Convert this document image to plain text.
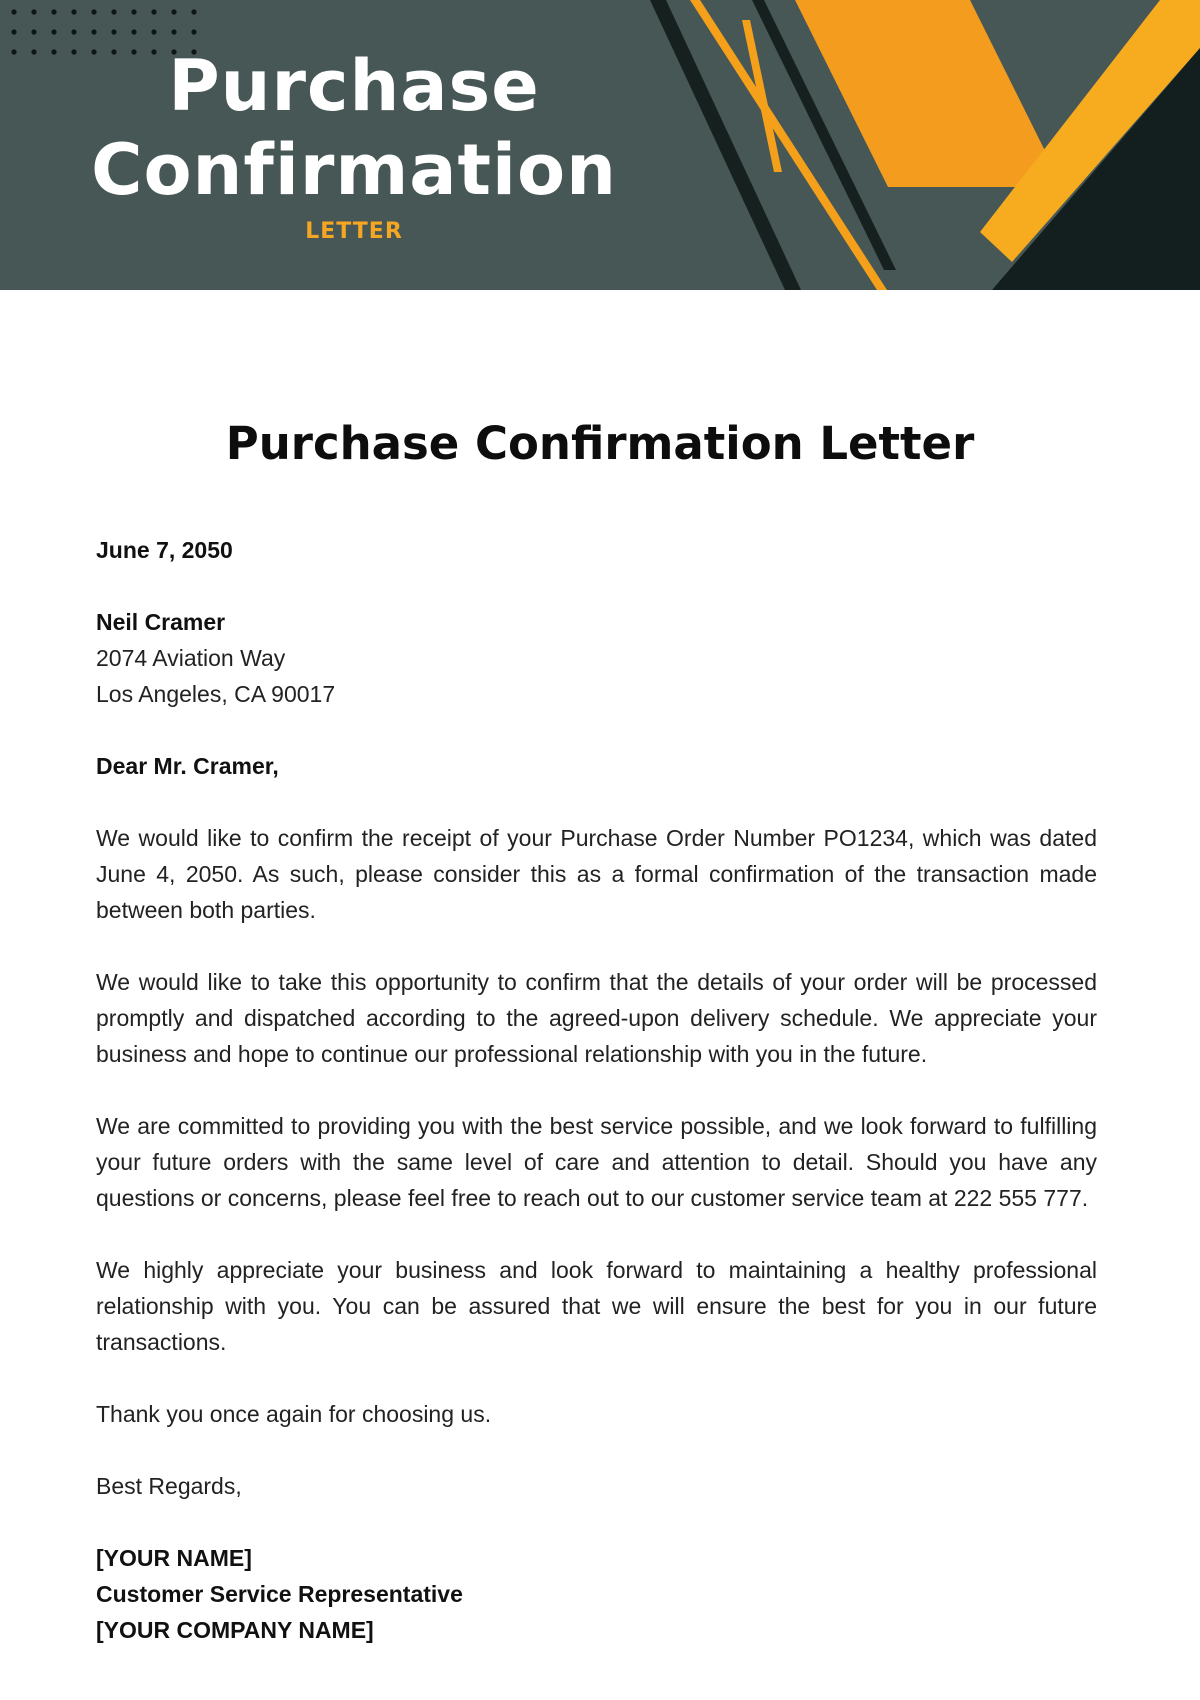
Purchase
Confirmation
LETTER
Purchase Confirmation Letter

June 7, 2050

Neil Cramer
2074 Aviation Way
Los Angeles, CA 90017

Dear Mr. Cramer,

We would like to confirm the receipt of your Purchase Order Number PO1234, which was dated June 4, 2050. As such, please consider this as a formal confirmation of the transaction made between both parties.

We would like to take this opportunity to confirm that the details of your order will be processed promptly and dispatched according to the agreed-upon delivery schedule. We appreciate your business and hope to continue our professional relationship with you in the future.

We are committed to providing you with the best service possible, and we look forward to fulfilling your future orders with the same level of care and attention to detail. Should you have any questions or concerns, please feel free to reach out to our customer service team at 222 555 777.

We highly appreciate your business and look forward to maintaining a healthy professional relationship with you. You can be assured that we will ensure the best for you in our future transactions.

Thank you once again for choosing us.

Best Regards,

[YOUR NAME]
Customer Service Representative
[YOUR COMPANY NAME]
